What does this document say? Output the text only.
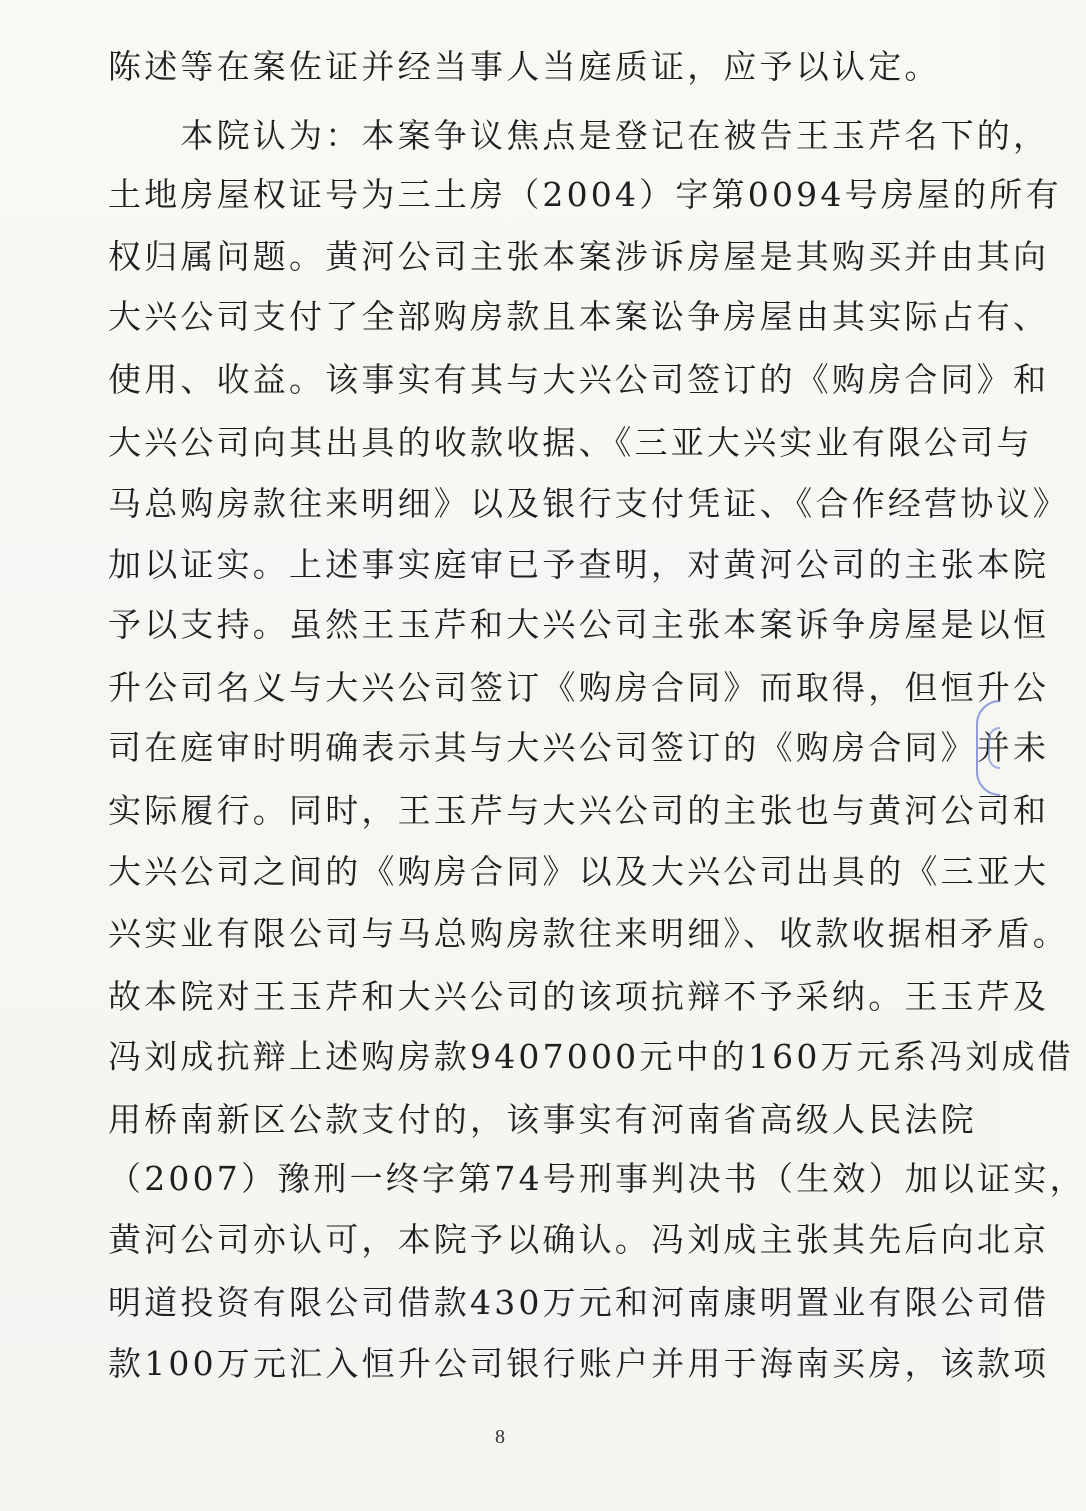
陈述等在案佐证并经当事人当庭质证，应予以认定。
　　本院认为：本案争议焦点是登记在被告王玉芹名下的，
土地房屋权证号为三土房（2004）字第0094号房屋的所有
权归属问题。黄河公司主张本案涉诉房屋是其购买并由其向
大兴公司支付了全部购房款且本案讼争房屋由其实际占有、
使用、收益。该事实有其与大兴公司签订的《购房合同》和
大兴公司向其出具的收款收据、《三亚大兴实业有限公司与
马总购房款往来明细》以及银行支付凭证、《合作经营协议》
加以证实。上述事实庭审已予查明，对黄河公司的主张本院
予以支持。虽然王玉芹和大兴公司主张本案诉争房屋是以恒
升公司名义与大兴公司签订《购房合同》而取得，但恒升公
司在庭审时明确表示其与大兴公司签订的《购房合同》并未
实际履行。同时，王玉芹与大兴公司的主张也与黄河公司和
大兴公司之间的《购房合同》以及大兴公司出具的《三亚大
兴实业有限公司与马总购房款往来明细》、收款收据相矛盾。
故本院对王玉芹和大兴公司的该项抗辩不予采纳。王玉芹及
冯刘成抗辩上述购房款9407000元中的160万元系冯刘成借
用桥南新区公款支付的，该事实有河南省高级人民法院
（2007）豫刑一终字第74号刑事判决书（生效）加以证实，
黄河公司亦认可，本院予以确认。冯刘成主张其先后向北京
明道投资有限公司借款430万元和河南康明置业有限公司借
款100万元汇入恒升公司银行账户并用于海南买房，该款项
8
